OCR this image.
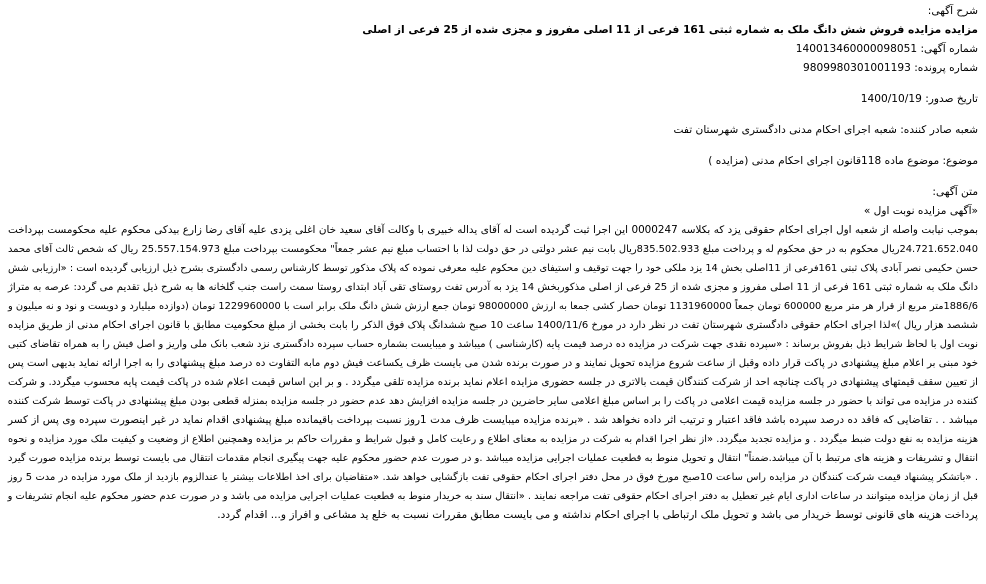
شرح آگهی:
مزایده مزایده فروش شش دانگ ملک به شماره ثبتی 161 فرعی از 11 اصلی مفروز و مجزی شده از 25 فرعی از اصلی
شماره آگهی: 140013460000098051
شماره پرونده: 9809980301001193
تاریخ صدور: 1400/10/19
شعبه صادر کننده: شعبه اجرای احکام مدنی دادگستری شهرستان تفت
موضوع: موضوع ماده 118قانون اجرای احکام مدنی (مزایده )
متن آگهی:
«آگهی مزایده نوبت اول »
بموجب نیابت واصله از شعبه اول اجرای احکام حقوقی یزد که بکلاسه 0000247 این اجرا ثبت گردیده است له آقای یداله خبیری با وکالت آقای سعید خان اغلی یزدی علیه آقای رضا زارع بیدکی محکوم علیه محکومست بپرداخت
24.721.652.040ریال محکوم به در حق محکوم له و پرداخت مبلغ 835.502.933ریال بابت نیم عشر دولتی در حق دولت لذا با احتساب مبلغ نیم عشر جمعاً" محکومست بپرداخت مبلغ 25.557.154.973 ریال که شخص ثالث آقای محمد
حسن حکیمی نصر آبادی پلاک ثبتی 161فرعی از 11اصلی بخش 14 یزد ملکی خود را جهت توقیف و استیفای دین محکوم علیه معرفی نموده که پلاک مذکور توسط کارشناس رسمی دادگستری بشرح ذیل ارزیابی گردیده است : «ارزیابی شش
دانگ ملک به شماره ثبتی 161 فرعی از 11 اصلی مفروز و مجزی شده از 25 فرعی از اصلی مذکوربخش 14 یزد به آدرس تفت روستای تقی آباد ابتدای روستا سمت راست جنب گلخانه ها به شرح ذیل تقدیم می گردد: عرصه به متراژ
1886/6متر مربع از قرار هر متر مربع 600000 تومان جمعاً 1131960000 تومان حصار کشی جمعا به ارزش 98000000 تومان جمع ارزش شش دانگ ملک برابر است با 1229960000 تومان (دوازده میلیارد و دویست و نود و نه میلیون و
ششصد هزار ریال )»لذا اجرای احکام حقوقی دادگستری شهرستان تفت در نظر دارد در مورخ 1400/11/6 ساعت 10 صبح ششدانگ پلاک فوق الذکر را بابت بخشی از مبلغ محکومیت مطابق با قانون اجرای احکام مدنی از طریق مزایده
نوبت اول با لحاظ شرایط ذیل بفروش برساند : «سپرده نقدی جهت شرکت در مزایده ده درصد قیمت پایه (کارشناسی ) میباشد و میبایست بشماره حساب سپرده دادگستری نزد شعب بانک ملی واریز و اصل فیش را به همراه تقاضای کتبی
خود مبنی بر اعلام مبلغ پیشنهادی در پاکت قرار داده وقبل از ساعت شروع مزایده تحویل نمایند و در صورت برنده شدن می بایست ظرف یکساعت فیش دوم مابه التفاوت ده درصد مبلغ پیشنهادی را به اجرا ارائه نماید بدیهی است پس
از تعیین سقف قیمتهای پیشنهادی در پاکت چنانچه احد از شرکت کنندگان قیمت بالاتری در جلسه حضوری مزایده اعلام نماید برنده مزایده تلقی میگردد . و بر این اساس قیمت اعلام شده در پاکت قیمت پایه محسوب میگردد. و شرکت
کننده در مزایده می تواند با حضور در جلسه مزایده قیمت اعلامی در پاکت را بر اساس مبلغ اعلامی سایر حاضرین در جلسه مزایده افزایش دهد عدم حضور در جلسه مزایده بمنزله قطعی بودن مبلغ پیشنهادی در پاکت توسط شرکت کننده
میباشد . . تقاضایی که فاقد ده درصد سپرده باشد فاقد اعتبار و ترتیب اثر داده نخواهد شد . «برنده مزایده میبایست ظرف مدت 1روز نسبت بپرداخت باقیمانده مبلغ پیشنهادی اقدام نماید در غیر اینصورت سپرده وی پس از کسر
هزینه مزایده به نفع دولت ضبط میگردد . و مزایده تجدید میگردد. «از نظر اجرا اقدام به شرکت در مزایده به معنای اطلاع و رعایت کامل و قبول شرایط و مقررات حاکم بر مزایده وهمچنین اطلاع از وضعیت و کیفیت ملک مورد مزایده و نحوه
انتقال و تشریفات و هزینه های مرتبط با آن میباشد.ضمناً" انتقال و تحویل منوط به قطعیت عملیات اجرایی مزایده میباشد .و در صورت عدم حضور محکوم علیه جهت پیگیری انجام مقدمات انتقال می بایست توسط برنده مزایده صورت گیرد
. «باتشکر پیشنهاد قیمت شرکت کنندگان در مزایده راس ساعت 10صبح مورخ فوق در محل دفتر اجرای احکام حقوقی تفت بازگشایی خواهد شد. «متقاضیان برای اخذ اطلاعات بیشتر یا عندالزوم بازدید از ملک مورد مزایده در مدت 5 روز
قبل از زمان مزایده میتوانند در ساعات اداری ایام غیر تعطیل به دفتر اجرای احکام حقوقی تفت مراجعه نمایند . «انتقال سند به خریدار منوط به قطعیت عملیات اجرایی مزایده می باشد و در صورت عدم حضور محکوم علیه انجام تشریفات و
پرداخت هزینه های قانونی توسط خریدار می باشد و تحویل ملک ارتباطی با اجرای احکام نداشته و می بایست مطابق مقررات نسبت به خلع ید مشاعی و افراز و... اقدام گردد.
